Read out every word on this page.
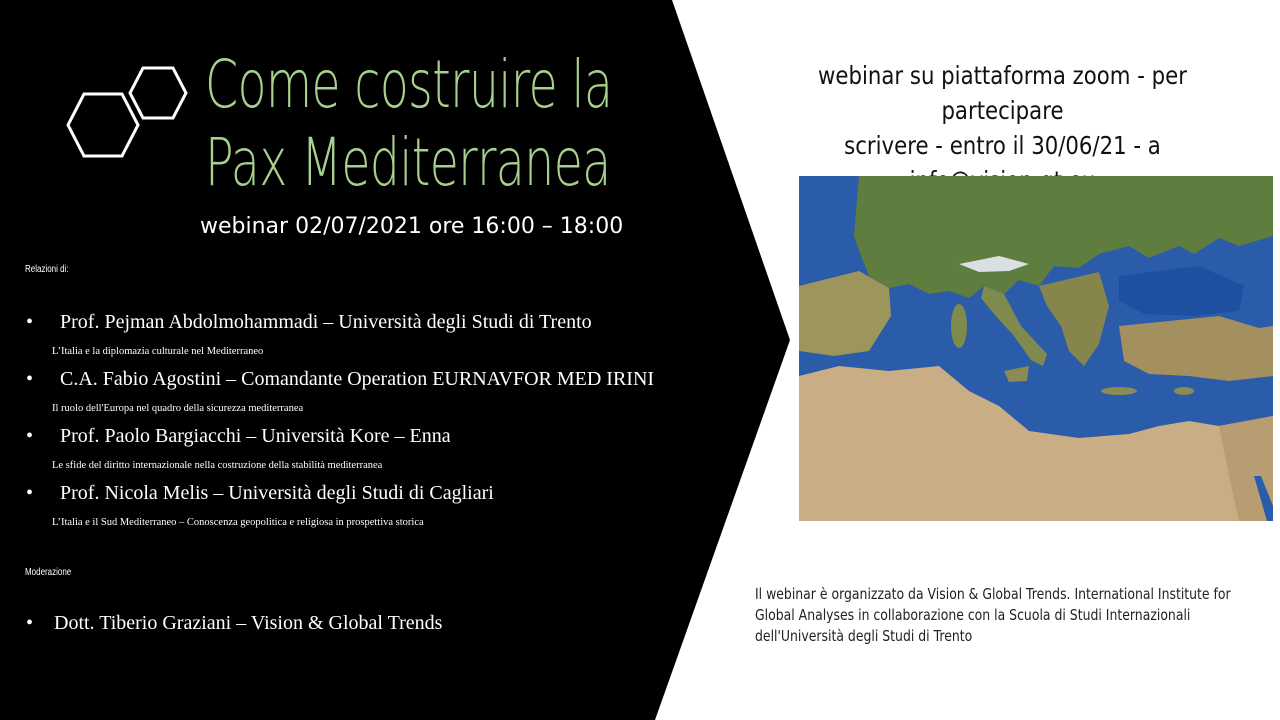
Come costruire la
Pax Mediterranea
webinar 02/07/2021 ore 16:00 – 18:00
Relazioni di:
• Prof. Pejman Abdolmohammadi – Università degli Studi di Trento
L’Italia e la diplomazia culturale nel Mediterraneo
• C.A. Fabio Agostini – Comandante Operation EURNAVFOR MED IRINI
Il ruolo dell'Europa nel quadro della sicurezza mediterranea
• Prof. Paolo Bargiacchi – Università Kore – Enna
Le sfide del diritto internazionale nella costruzione della stabilità mediterranea
• Prof. Nicola Melis – Università degli Studi di Cagliari
L’Italia e il Sud Mediterraneo – Conoscenza geopolitica e religiosa in prospettiva storica
Moderazione
• Dott. Tiberio Graziani – Vision & Global Trends
webinar su piattaforma zoom - per partecipare
scrivere - entro il 30/06/21 - a
Il webinar è organizzato da Vision & Global Trends. International Institute for
Global Analyses in collaborazione con la Scuola di Studi Internazionali
dell'Università degli Studi di Trento
